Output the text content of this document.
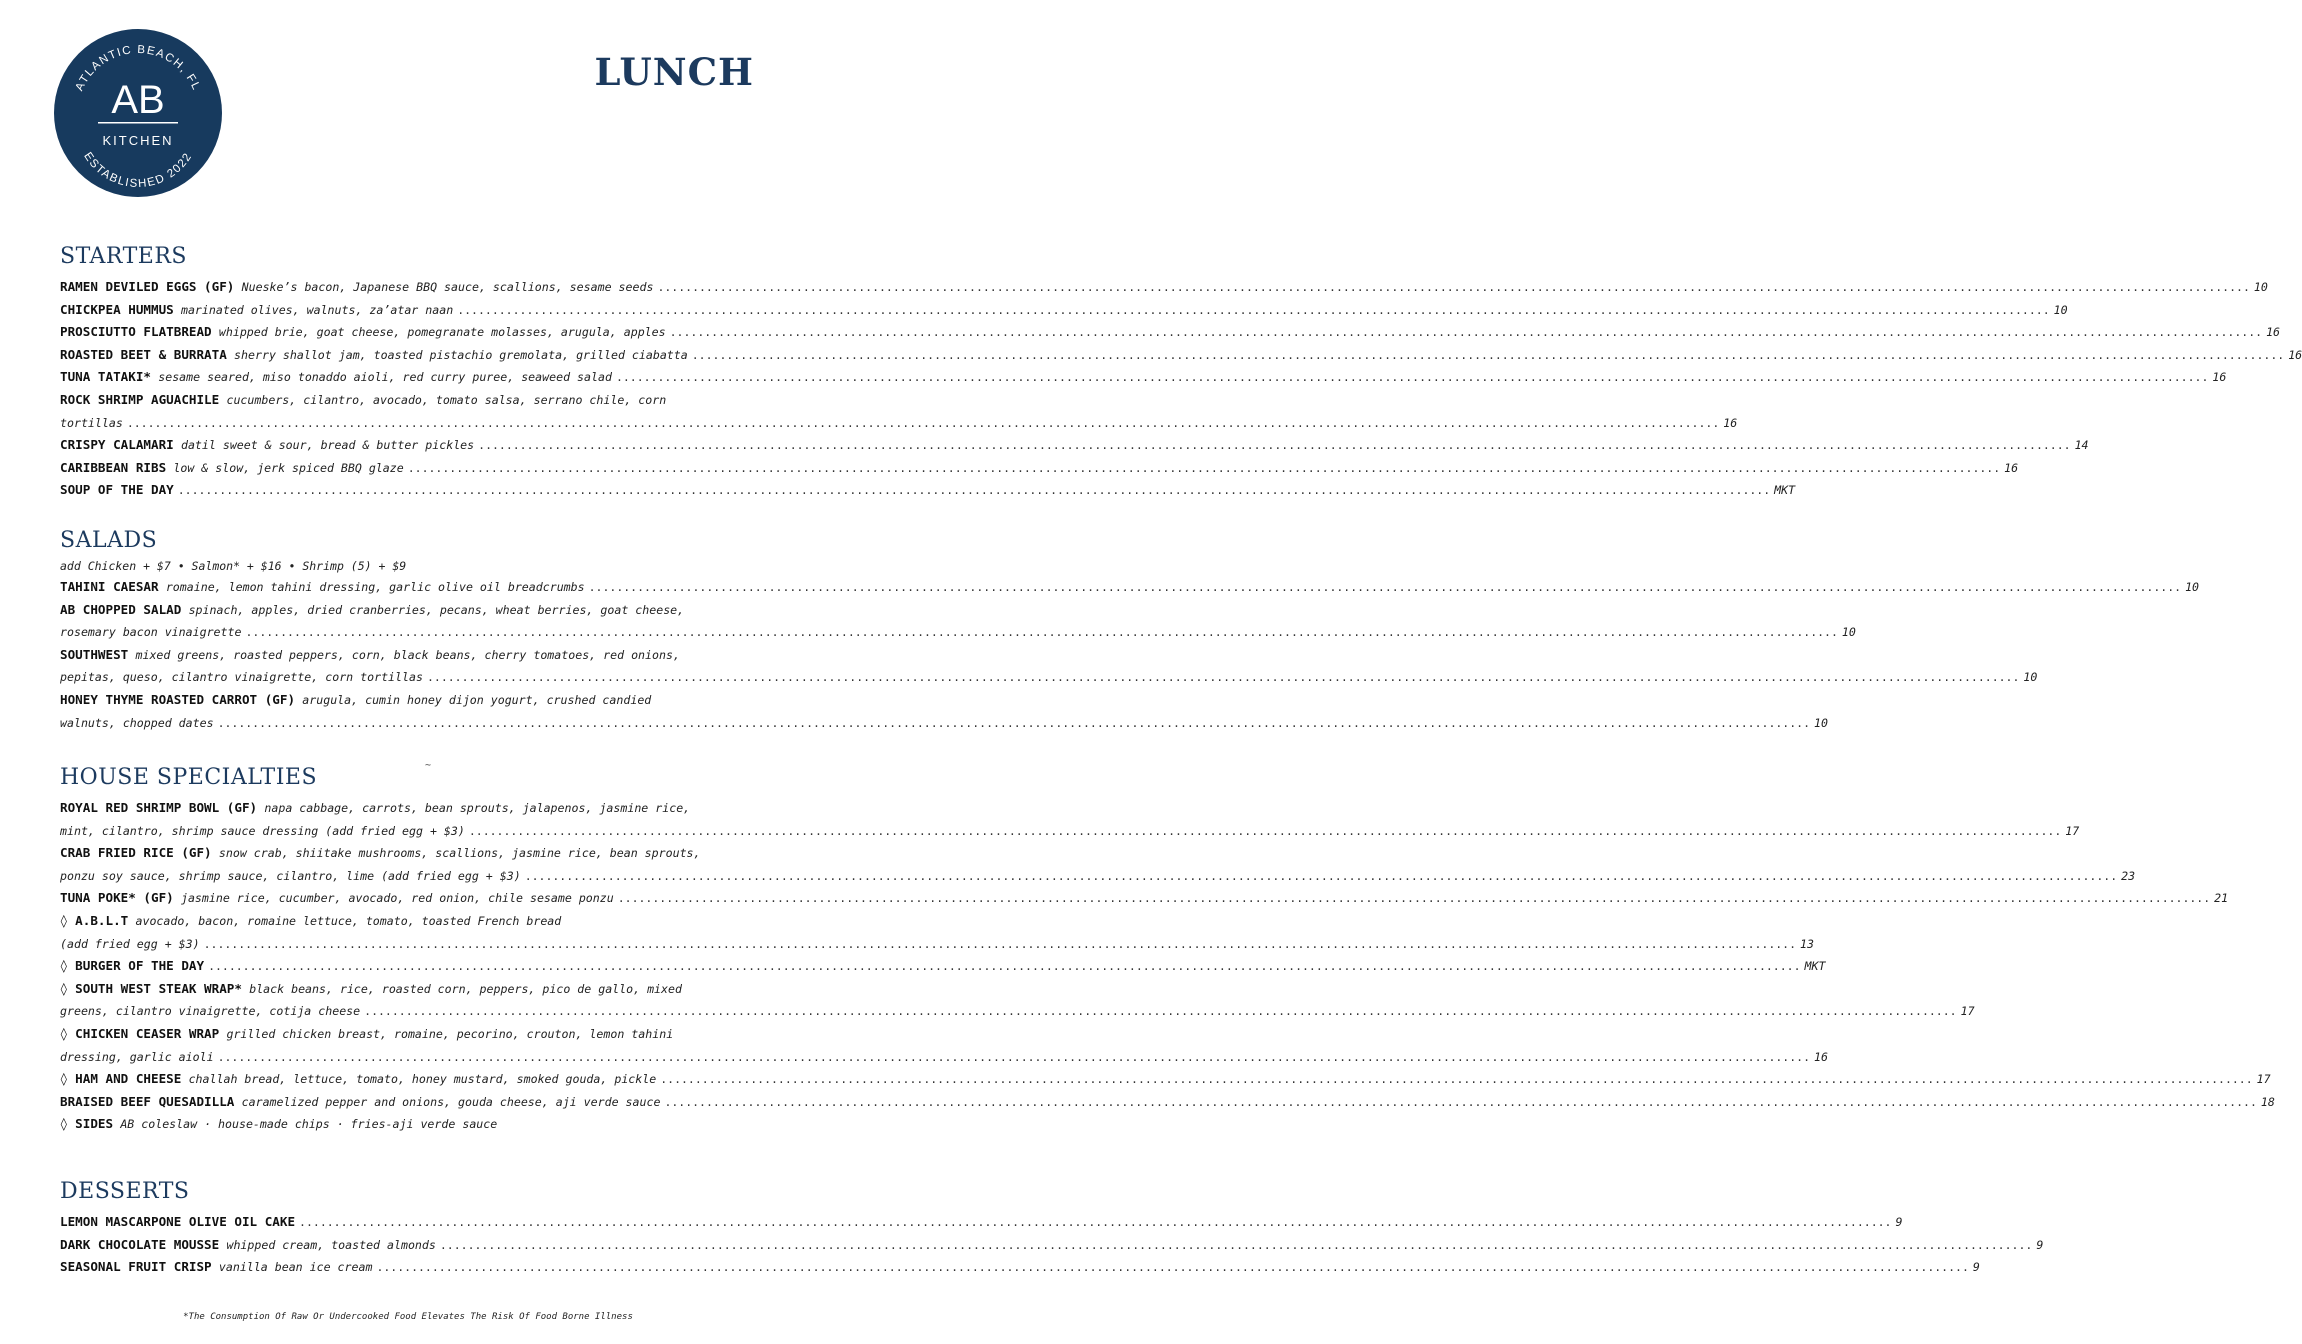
ATLANTIC BEACH, FL
AB
KITCHEN
ESTABLISHED 2022
LUNCH
STARTERS
RAMEN DEVILED EGGS (GF) Nueske’s bacon, Japanese BBQ sauce, scallions, sesame seeds .....	10
CHICKPEA HUMMUS marinated olives, walnuts, za’atar naan .....	10
PROSCIUTTO FLATBREAD whipped brie, goat cheese, pomegranate molasses, arugula, apples .....	16
ROASTED BEET & BURRATA sherry shallot jam, toasted pistachio gremolata, grilled ciabatta .....	16
TUNA TATAKI* sesame seared, miso tonaddo aioli, red curry puree, seaweed salad .....	16
ROCK SHRIMP AGUACHILE cucumbers, cilantro, avocado, tomato salsa, serrano chile, corn
tortillas .....	16
CRISPY CALAMARI datil sweet & sour, bread & butter pickles .....	14
CARIBBEAN RIBS low & slow, jerk spiced BBQ glaze .....	16
SOUP OF THE DAY .....	MKT
SALADS
add Chicken + $7 • Salmon* + $16 • Shrimp (5) + $9
TAHINI CAESAR romaine, lemon tahini dressing, garlic olive oil breadcrumbs .....	10
AB CHOPPED SALAD spinach, apples, dried cranberries, pecans, wheat berries, goat cheese,
rosemary bacon vinaigrette .....	10
SOUTHWEST mixed greens, roasted peppers, corn, black beans, cherry tomatoes, red onions,
pepitas, queso, cilantro vinaigrette, corn tortillas .....	10
HONEY THYME ROASTED CARROT (GF) arugula, cumin honey dijon yogurt, crushed candied
walnuts, chopped dates .....	10
~
HOUSE SPECIALTIES
ROYAL RED SHRIMP BOWL (GF) napa cabbage, carrots, bean sprouts, jalapenos, jasmine rice,
mint, cilantro, shrimp sauce dressing (add fried egg + $3) .....	17
CRAB FRIED RICE (GF) snow crab, shiitake mushrooms, scallions, jasmine rice, bean sprouts,
ponzu soy sauce, shrimp sauce, cilantro, lime (add fried egg + $3) .....	23
TUNA POKE* (GF) jasmine rice, cucumber, avocado, red onion, chile sesame ponzu .....	21
◊ A.B.L.T avocado, bacon, romaine lettuce, tomato, toasted French bread
(add fried egg + $3) .....	13
◊ BURGER OF THE DAY .....	MKT
◊ SOUTH WEST STEAK WRAP* black beans, rice, roasted corn, peppers, pico de gallo, mixed
greens, cilantro vinaigrette, cotija cheese .....	17
◊ CHICKEN CEASER WRAP grilled chicken breast, romaine, pecorino, crouton, lemon tahini
dressing, garlic aioli .....	16
◊ HAM AND CHEESE challah bread, lettuce, tomato, honey mustard, smoked gouda, pickle .....	17
BRAISED BEEF QUESADILLA caramelized pepper and onions, gouda cheese, aji verde sauce .....	18
◊ SIDES AB coleslaw · house-made chips · fries-aji verde sauce
DESSERTS
LEMON MASCARPONE OLIVE OIL CAKE .....	9
DARK CHOCOLATE MOUSSE whipped cream, toasted almonds .....	9
SEASONAL FRUIT CRISP vanilla bean ice cream .....	9

*The Consumption Of Raw Or Undercooked Food Elevates The Risk Of Food Borne Illness
